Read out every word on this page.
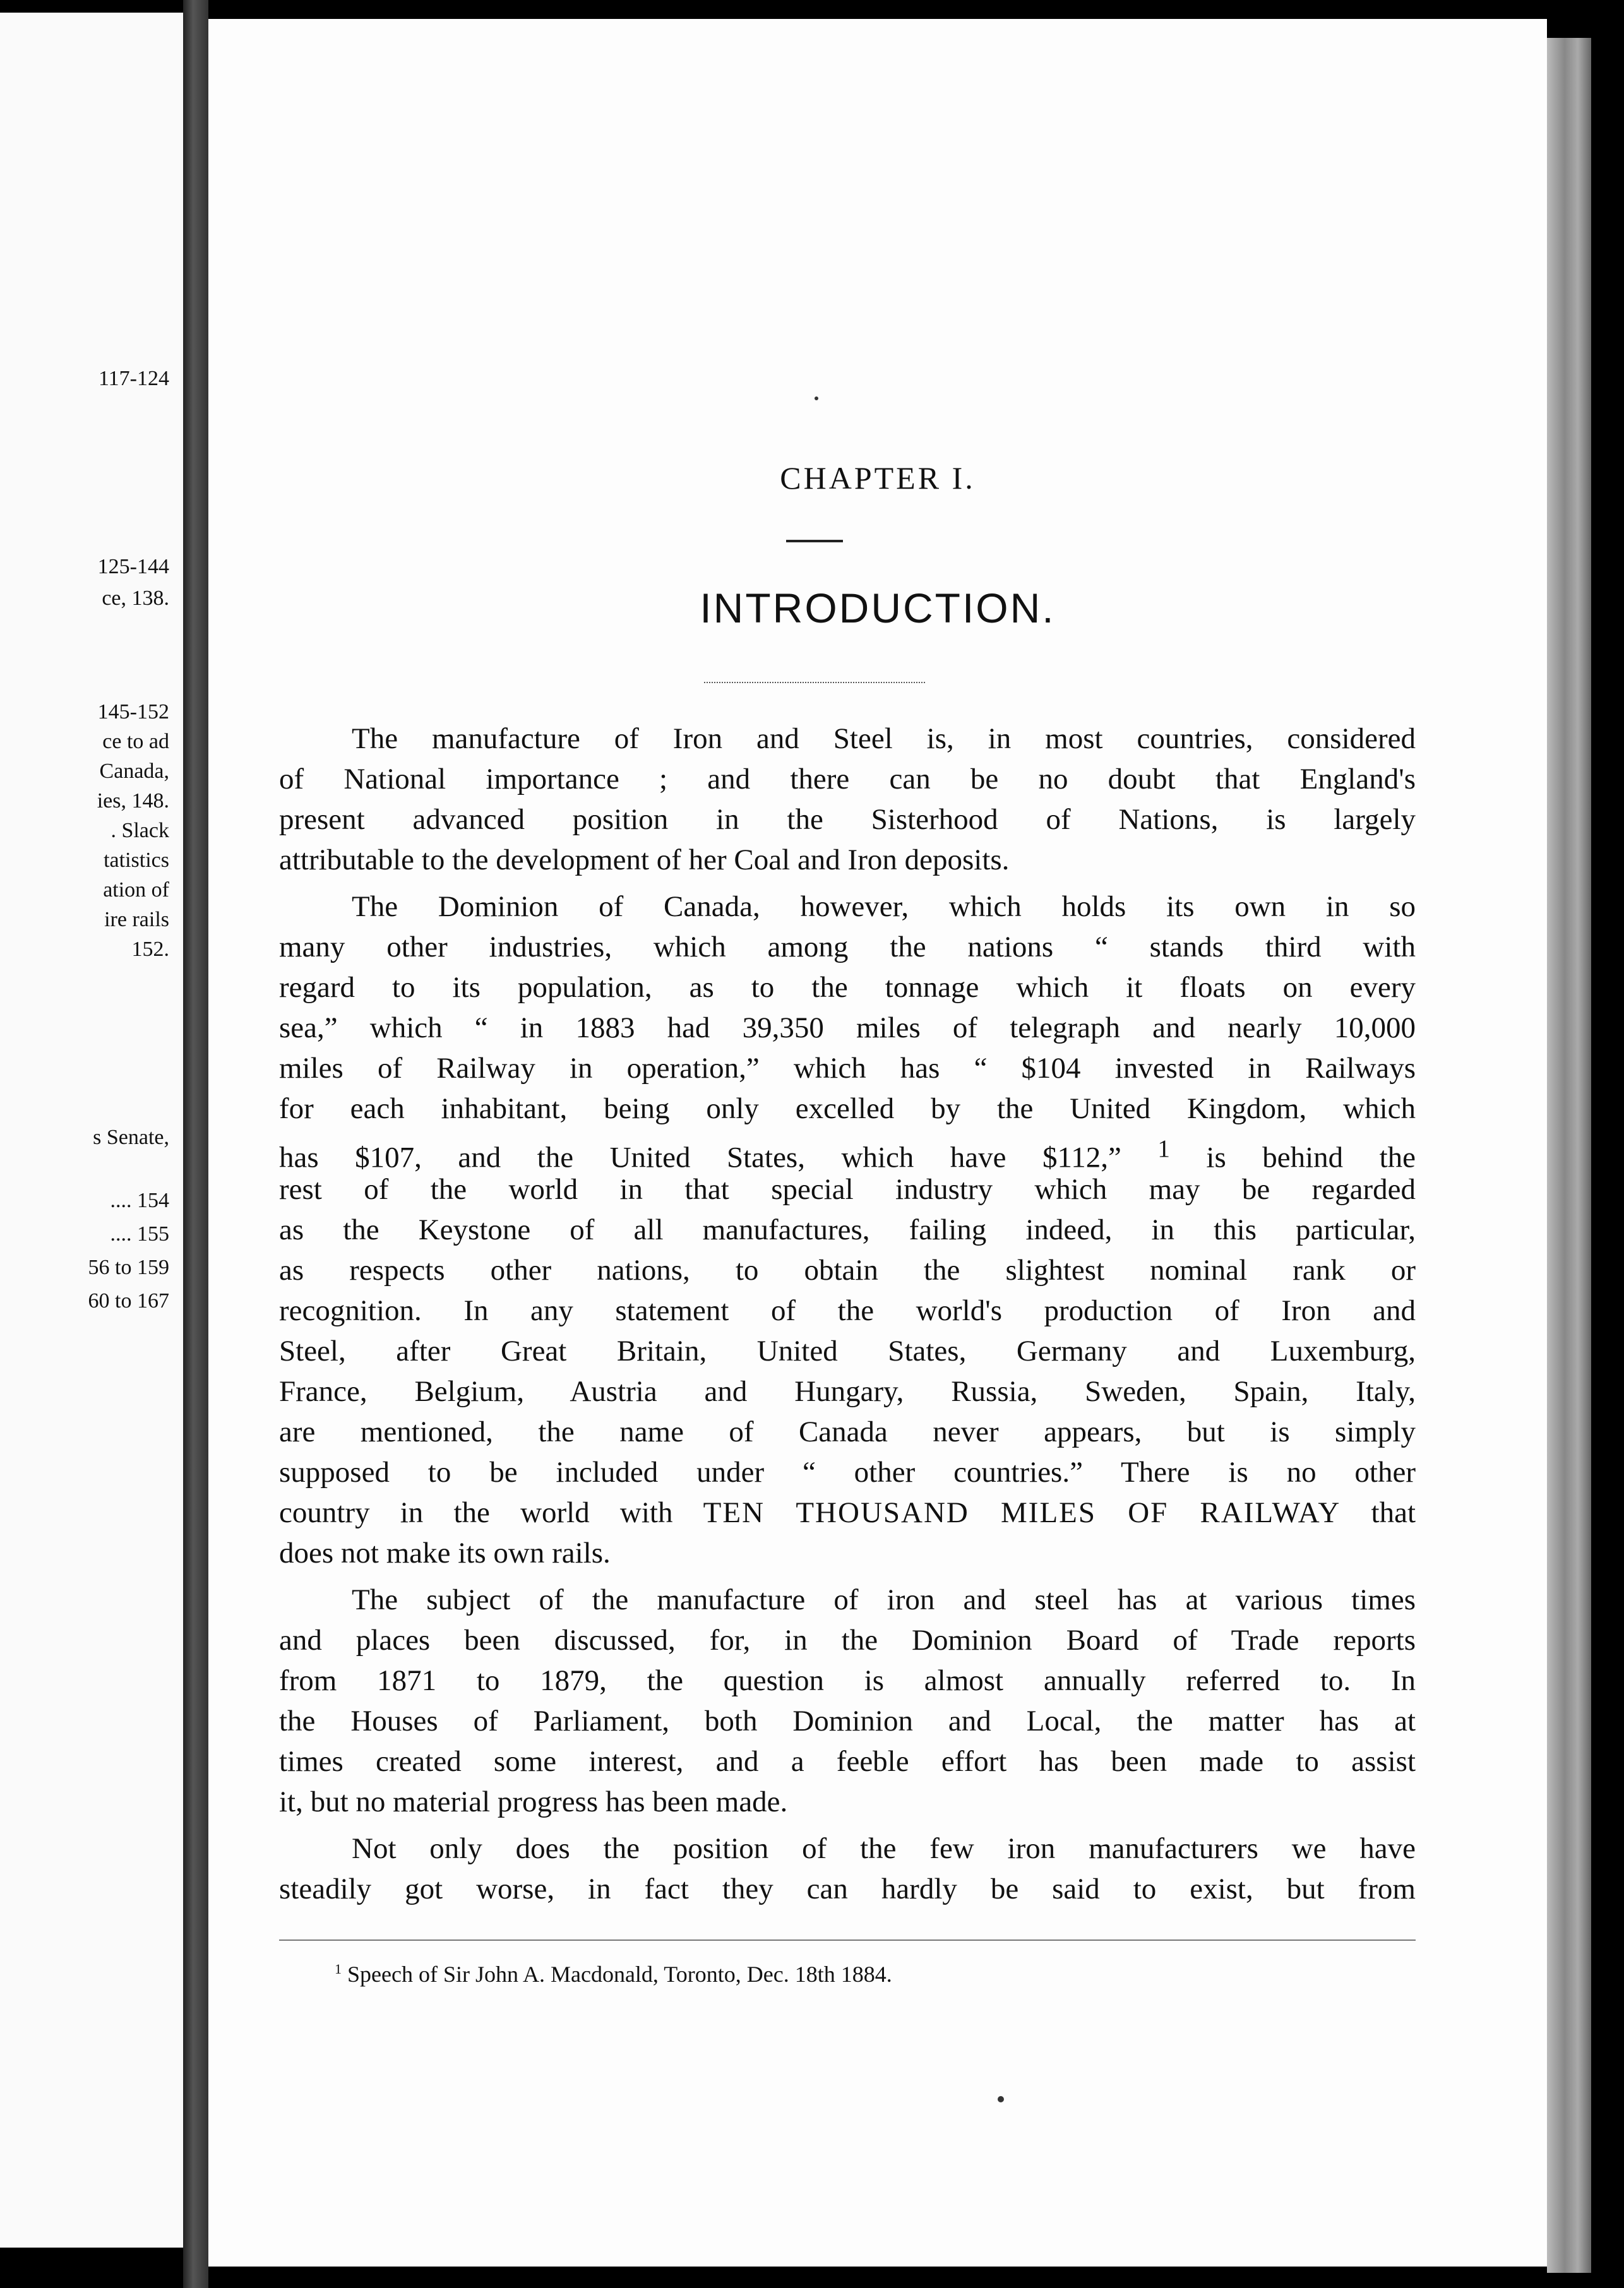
117-124
125-144
ce, 138.
145-152
ce to ad
Canada,
ies, 148.
. Slack
tatistics
ation of
ire rails
152.
s Senate,
.... 154
.... 155
56 to 159
60 to 167
CHAPTER I.
INTRODUCTION.
The manufacture of Iron and Steel is, in most countries, considered
of National importance ; and there can be no doubt that England's
present advanced position in the Sisterhood of Nations, is largely
attributable to the development of her Coal and Iron deposits.
The Dominion of Canada, however, which holds its own in so
many other industries, which among the nations “ stands third with
regard to its population, as to the tonnage which it floats on every
sea,” which “ in 1883 had 39,350 miles of telegraph and nearly 10,000
miles of Railway in operation,” which has “ $104 invested in Railways
for each inhabitant, being only excelled by the United Kingdom, which
has $107, and the United States, which have $112,” $^1$ is behind the
rest of the world in that special industry which may be regarded
as the Keystone of all manufactures, failing indeed, in this particular,
as respects other nations, to obtain the slightest nominal rank or
recognition. In any statement of the world's production of Iron and
Steel, after Great Britain, United States, Germany and Luxemburg,
France, Belgium, Austria and Hungary, Russia, Sweden, Spain, Italy,
are mentioned, the name of Canada never appears, but is simply
supposed to be included under “ other countries.” There is no other
country in the world with TEN THOUSAND MILES OF RAILWAY that
does not make its own rails.
The subject of the manufacture of iron and steel has at various times
and places been discussed, for, in the Dominion Board of Trade reports
from 1871 to 1879, the question is almost annually referred to. In
the Houses of Parliament, both Dominion and Local, the matter has at
times created some interest, and a feeble effort has been made to assist
it, but no material progress has been made.
Not only does the position of the few iron manufacturers we have
steadily got worse, in fact they can hardly be said to exist, but from
$^1$ Speech of Sir John A. Macdonald, Toronto, Dec. 18th 1884.
